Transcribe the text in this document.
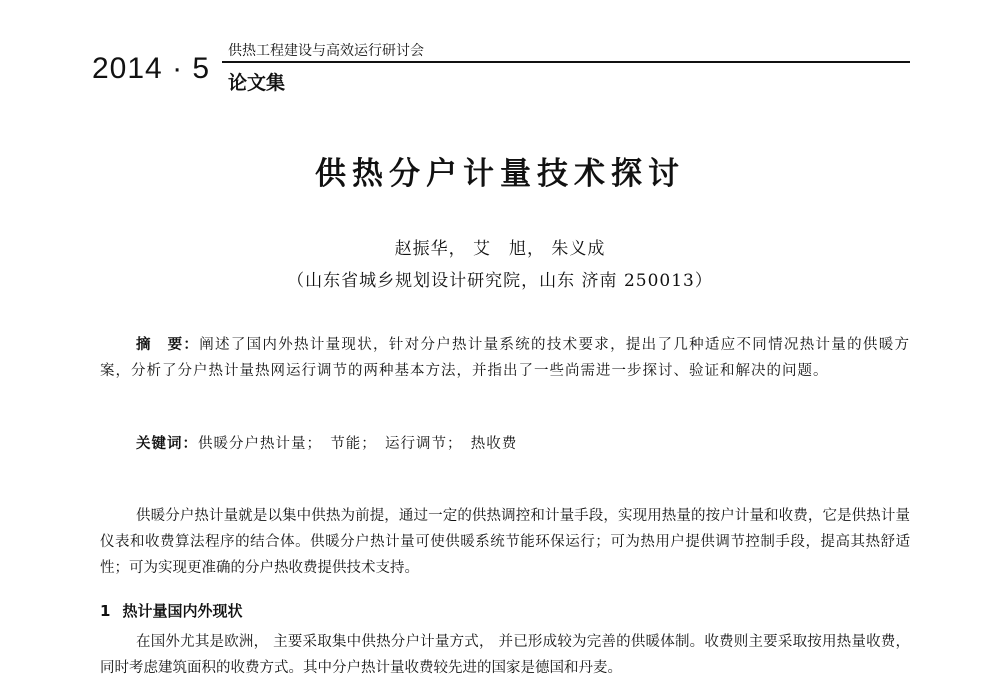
2014 · 5
供热工程建设与高效运行研讨会
论文集
供热分户计量技术探讨
赵振华， 艾　旭， 朱义成
（山东省城乡规划设计研究院，山东 济南 250013）

摘　要：阐述了国内外热计量现状，针对分户热计量系统的技术要求，提出了几种适应不同情况热计量的供暖方案，分析了分户热计量热网运行调节的两种基本方法，并指出了一些尚需进一步探讨、验证和解决的问题。

关键词：供暖分户热计量；　节能；　运行调节；　热收费

供暖分户热计量就是以集中供热为前提，通过一定的供热调控和计量手段，实现用热量的按户计量和收费，它是供热计量仪表和收费算法程序的结合体。供暖分户热计量可使供暖系统节能环保运行；可为热用户提供调节控制手段，提高其热舒适性；可为实现更准确的分户热收费提供技术支持。

1 热计量国内外现状

在国外尤其是欧洲， 主要采取集中供热分户计量方式， 并已形成较为完善的供暖体制。收费则主要采取按用热量收费， 同时考虑建筑面积的收费方式。其中分户热计量收费较先进的国家是德国和丹麦。
